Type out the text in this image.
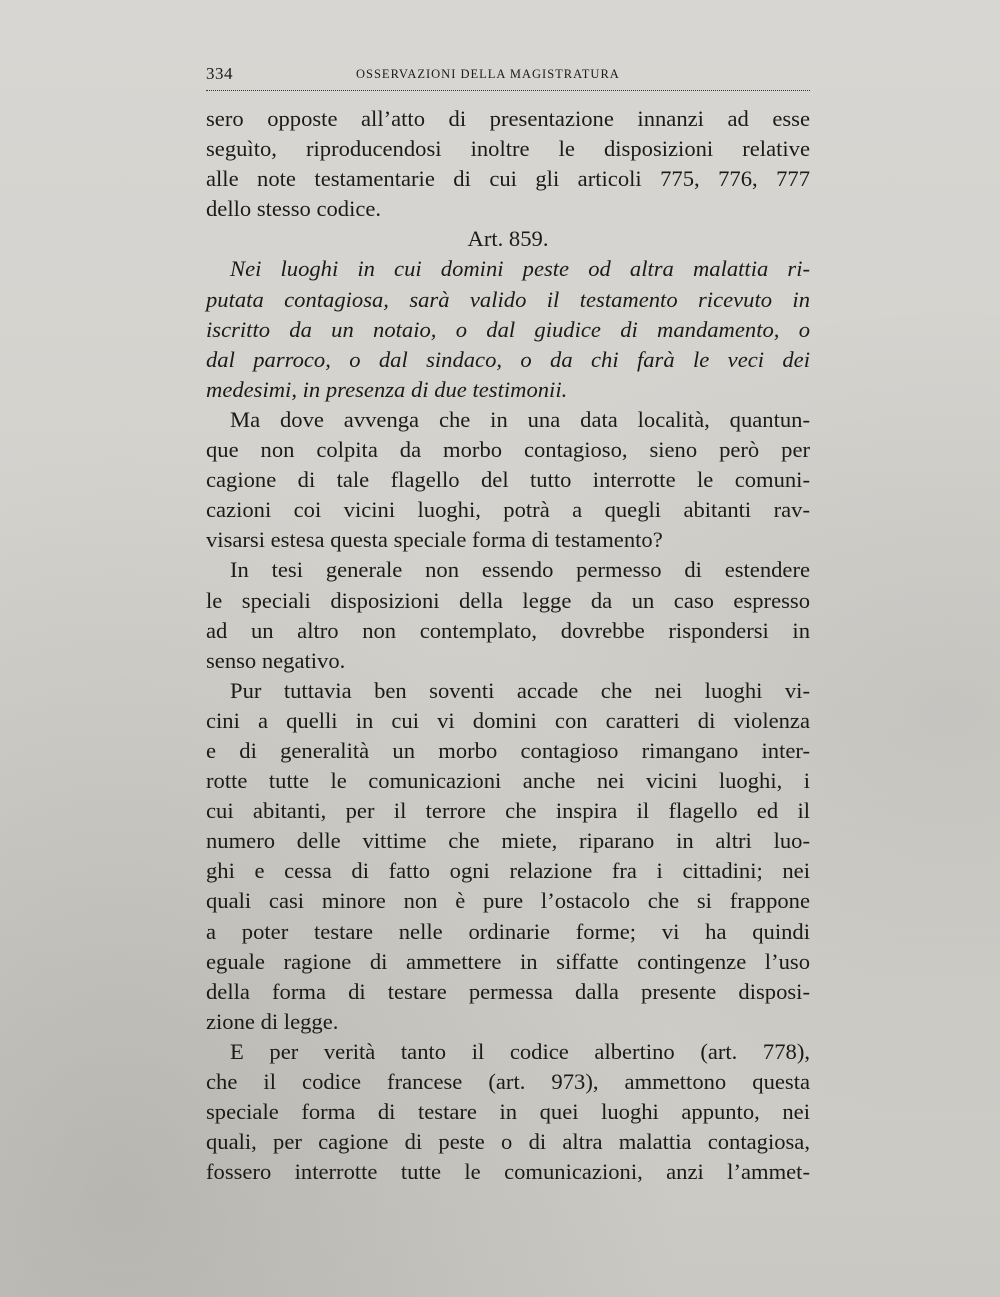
334	OSSERVAZIONI DELLA MAGISTRATURA
sero opposte all’atto di presentazione innanzi ad esse
seguìto, riproducendosi inoltre le disposizioni relative
alle note testamentarie di cui gli articoli 775, 776, 777
dello stesso codice.
Art. 859.
Nei luoghi in cui domini peste od altra malattia ri-
putata contagiosa, sarà valido il testamento ricevuto in
iscritto da un notaio, o dal giudice di mandamento, o
dal parroco, o dal sindaco, o da chi farà le veci dei
medesimi, in presenza di due testimonii.
Ma dove avvenga che in una data località, quantun-
que non colpita da morbo contagioso, sieno però per
cagione di tale flagello del tutto interrotte le comuni-
cazioni coi vicini luoghi, potrà a quegli abitanti rav-
visarsi estesa questa speciale forma di testamento?
In tesi generale non essendo permesso di estendere
le speciali disposizioni della legge da un caso espresso
ad un altro non contemplato, dovrebbe rispondersi in
senso negativo.
Pur tuttavia ben soventi accade che nei luoghi vi-
cini a quelli in cui vi domini con caratteri di violenza
e di generalità un morbo contagioso rimangano inter-
rotte tutte le comunicazioni anche nei vicini luoghi, i
cui abitanti, per il terrore che inspira il flagello ed il
numero delle vittime che miete, riparano in altri luo-
ghi e cessa di fatto ogni relazione fra i cittadini; nei
quali casi minore non è pure l’ostacolo che si frappone
a poter testare nelle ordinarie forme; vi ha quindi
eguale ragione di ammettere in siffatte contingenze l’uso
della forma di testare permessa dalla presente disposi-
zione di legge.
E per verità tanto il codice albertino (art. 778),
che il codice francese (art. 973), ammettono questa
speciale forma di testare in quei luoghi appunto, nei
quali, per cagione di peste o di altra malattia contagiosa,
fossero interrotte tutte le comunicazioni, anzi l’ammet-
